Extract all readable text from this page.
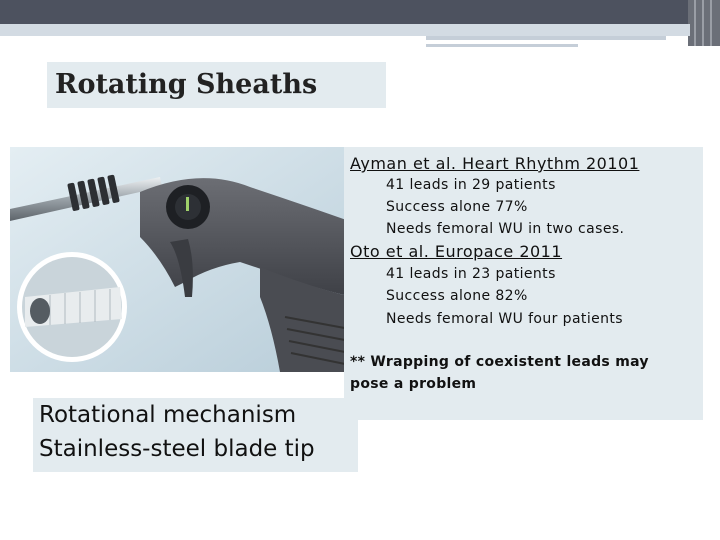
Rotating Sheaths
Ayman et al. Heart Rhythm 20101
41 leads in 29 patients
Success alone 77%
Needs femoral WU in two cases.
Oto et al. Europace 2011
41 leads in 23 patients
Success alone 82%
Needs femoral WU four patients
** Wrapping of coexistent leads may
pose a problem
Rotational mechanism
Stainless-steel blade tip
